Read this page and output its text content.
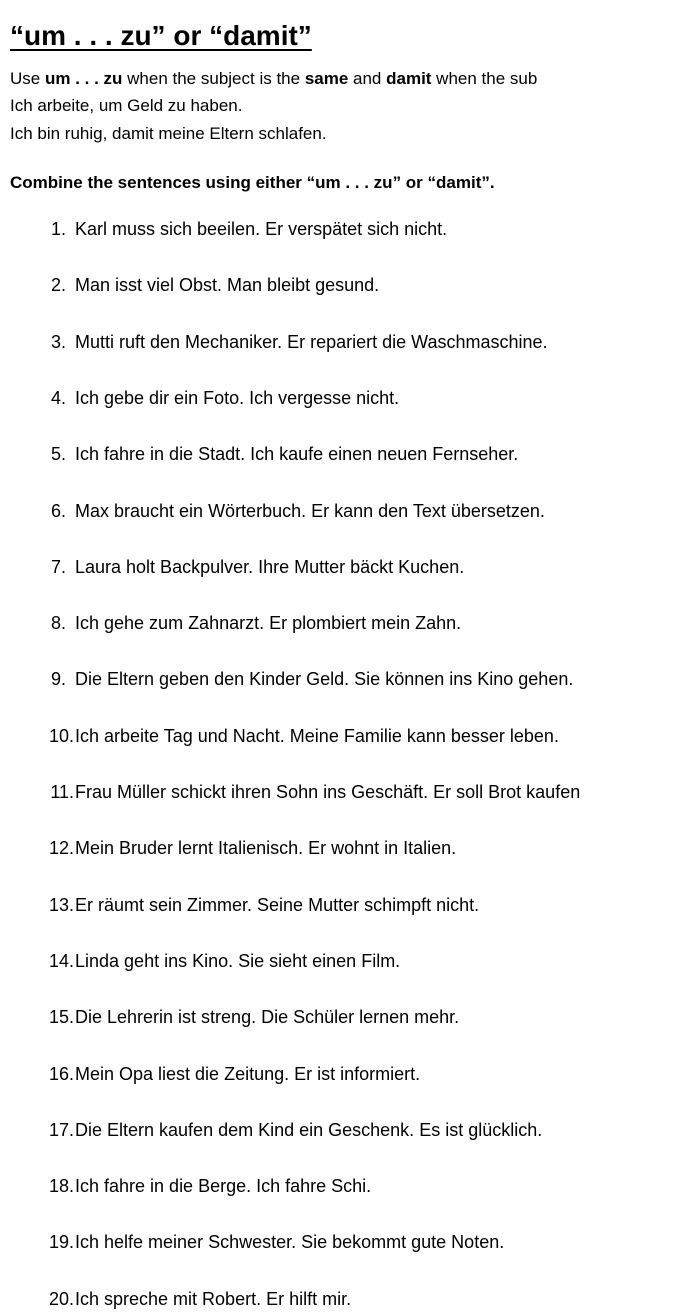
“um . . . zu” or “damit”
Use um . . . zu when the subject is the same and damit when the sub
Ich arbeite, um Geld zu haben.
Ich bin ruhig, damit meine Eltern schlafen.
Combine the sentences using either “um . . . zu” or “damit”.
1. Karl muss sich beeilen. Er verspätet sich nicht.
2. Man isst viel Obst. Man bleibt gesund.
3. Mutti ruft den Mechaniker. Er repariert die Waschmaschine.
4. Ich gebe dir ein Foto. Ich vergesse nicht.
5. Ich fahre in die Stadt. Ich kaufe einen neuen Fernseher.
6. Max braucht ein Wörterbuch. Er kann den Text übersetzen.
7. Laura holt Backpulver. Ihre Mutter bäckt Kuchen.
8. Ich gehe zum Zahnarzt. Er plombiert mein Zahn.
9. Die Eltern geben den Kinder Geld. Sie können ins Kino gehen.
10. Ich arbeite Tag und Nacht. Meine Familie kann besser leben.
11. Frau Müller schickt ihren Sohn ins Geschäft. Er soll Brot kaufen
12. Mein Bruder lernt Italienisch. Er wohnt in Italien.
13. Er räumt sein Zimmer. Seine Mutter schimpft nicht.
14. Linda geht ins Kino. Sie sieht einen Film.
15. Die Lehrerin ist streng. Die Schüler lernen mehr.
16. Mein Opa liest die Zeitung. Er ist informiert.
17. Die Eltern kaufen dem Kind ein Geschenk. Es ist glücklich.
18. Ich fahre in die Berge. Ich fahre Schi.
19. Ich helfe meiner Schwester. Sie bekommt gute Noten.
20. Ich spreche mit Robert. Er hilft mir.
